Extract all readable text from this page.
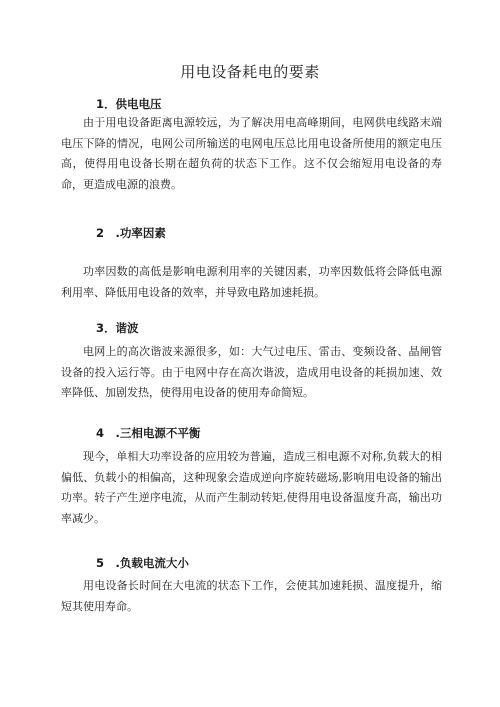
用电设备耗电的要素
1．供电电压
由于用电设备距离电源较远，为了解决用电高峰期间，电网供电线路末端电压下降的情况，电网公司所输送的电网电压总比用电设备所使用的额定电压高，使得用电设备长期在超负荷的状态下工作。这不仅会缩短用电设备的寿命，更造成电源的浪费。
2　.功率因素
功率因数的高低是影响电源利用率的关键因素，功率因数低将会降低电源利用率、降低用电设备的效率，并导致电路加速耗损。
3．谐波
电网上的高次谐波来源很多，如：大气过电压、雷击、变频设备、晶闸管设备的投入运行等。由于电网中存在高次谐波，造成用电设备的耗损加速、效率降低、加剧发热，使得用电设备的使用寿命简短。
4　.三相电源不平衡
现今，单相大功率设备的应用较为普遍，造成三相电源不对称,负载大的相偏低、负载小的相偏高，这种现象会造成逆向序旋转磁场,影响用电设备的输出功率。转子产生逆序电流，从而产生制动转矩,使得用电设备温度升高，输出功率减少。
5　.负载电流大小
用电设备长时间在大电流的状态下工作，会使其加速耗损、温度提升，缩短其使用寿命。
